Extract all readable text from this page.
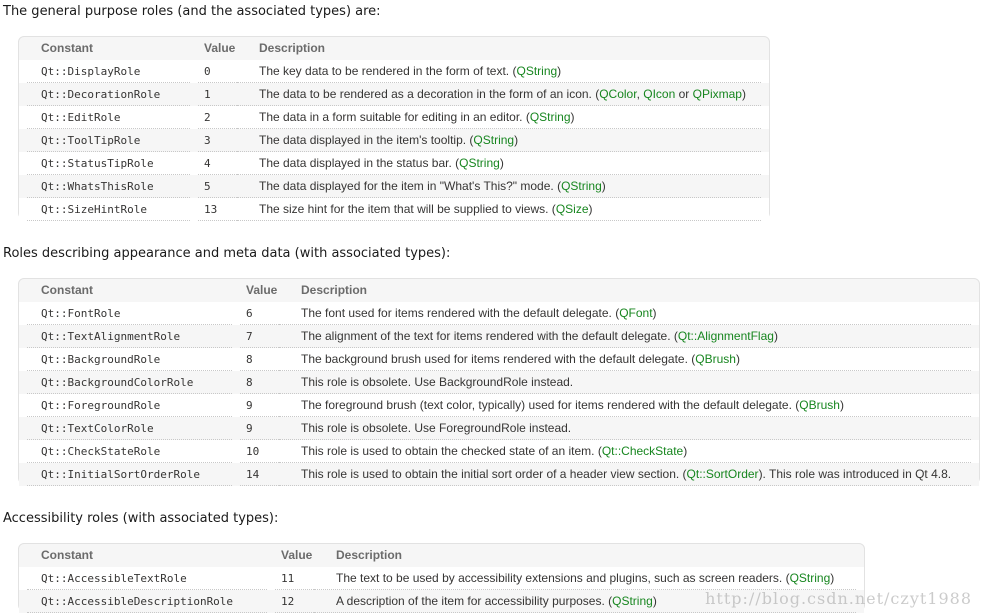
The general purpose roles (and the associated types) are:
Constant	Value Description
Qt::DisplayRole	0	The key data to be rendered in the form of text. (QString)
Qt::DecorationRole	1	The data to be rendered as a decoration in the form of an icon. (QColor, QIcon or QPixmap)
Qt::EditRole	2	The data in a form suitable for editing in an editor. (QString)
Qt::ToolTipRole	3	The data displayed in the item's tooltip. (QString)
Qt::StatusTipRole	4	The data displayed in the status bar. (QString)
Qt::WhatsThisRole	5	The data displayed for the item in "What's This?" mode. (QString)
Qt::SizeHintRole	13	The size hint for the item that will be supplied to views. (QSize)
Roles describing appearance and meta data (with associated types):
Constant	Value Description
Qt::FontRole	6	The font used for items rendered with the default delegate. (QFont)
Qt::TextAlignmentRole	7	The alignment of the text for items rendered with the default delegate. (Qt::AlignmentFlag)
Qt::BackgroundRole	8	The background brush used for items rendered with the default delegate. (QBrush)
Qt::BackgroundColorRole	8	This role is obsolete. Use BackgroundRole instead.
Qt::ForegroundRole	9	The foreground brush (text color, typically) used for items rendered with the default delegate. (QBrush)
Qt::TextColorRole	9	This role is obsolete. Use ForegroundRole instead.
Qt::CheckStateRole	10	This role is used to obtain the checked state of an item. (Qt::CheckState)
Qt::InitialSortOrderRole	14	This role is used to obtain the initial sort order of a header view section. (Qt::SortOrder). This role was introduced in Qt 4.8.
Accessibility roles (with associated types):
Constant	Value Description
Qt::AccessibleTextRole	11	The text to be used by accessibility extensions and plugins, such as screen readers. (QString)
Qt::AccessibleDescriptionRole	12	A description of the item for accessibility purposes. (QString)	http://blog.csdn.net/czyt1988
